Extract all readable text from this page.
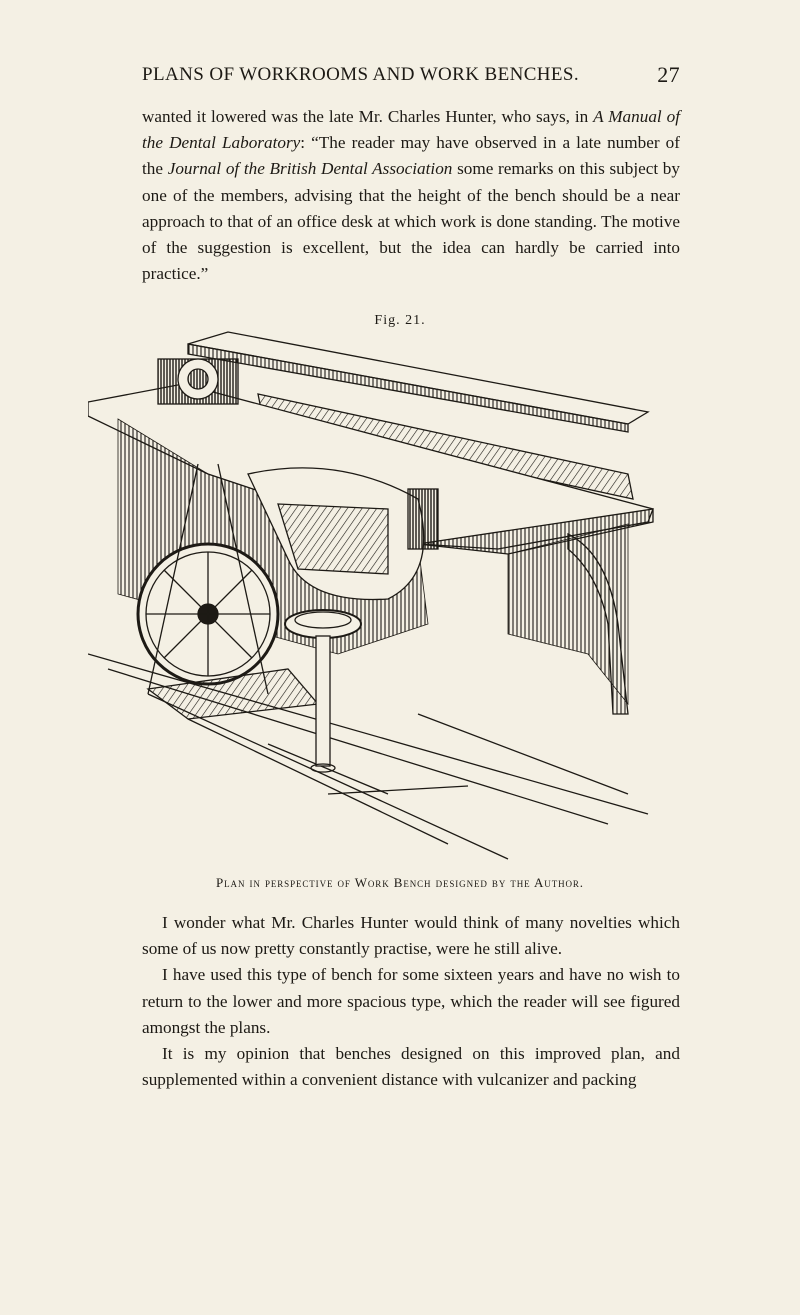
PLANS OF WORKROOMS AND WORK BENCHES.	27

wanted it lowered was the late Mr. Charles Hunter, who says, in A Manual of the Dental Laboratory: “The reader may have observed in a late number of the Journal of the British Dental Association some remarks on this subject by one of the members, advising that the height of the bench should be a near approach to that of an office desk at which work is done standing. The motive of the suggestion is excellent, but the idea can hardly be carried into practice.”

Fig. 21.
Plan in perspective of Work Bench designed by the Author.

I wonder what Mr. Charles Hunter would think of many novelties which some of us now pretty constantly practise, were he still alive.

I have used this type of bench for some sixteen years and have no wish to return to the lower and more spacious type, which the reader will see figured amongst the plans.

It is my opinion that benches designed on this improved plan, and supplemented within a convenient distance with vulcanizer and packing
